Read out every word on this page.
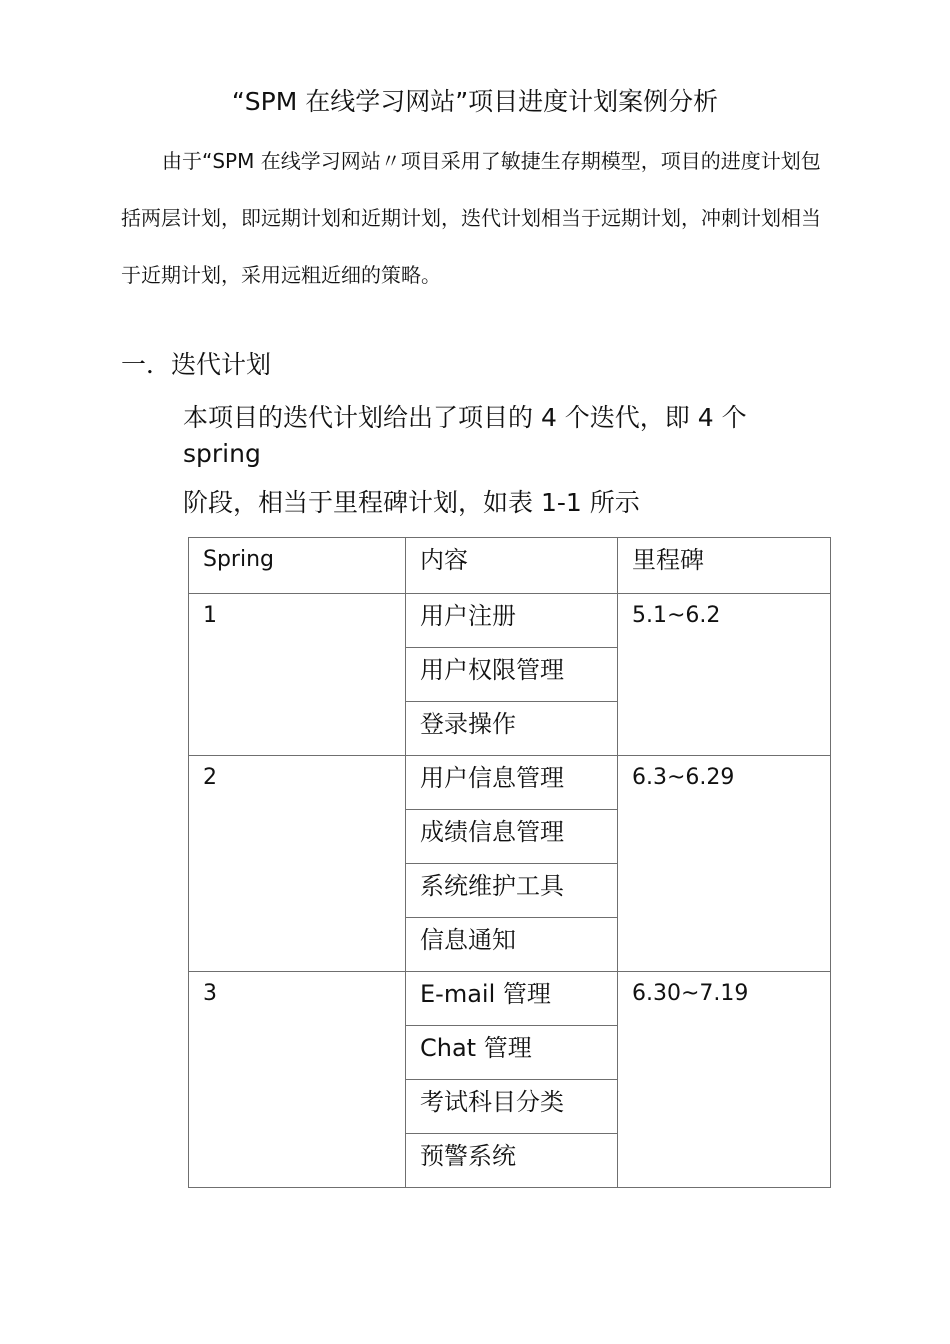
“SPM 在线学习网站”项目进度计划案例分析

由于“SPM 在线学习网站〃项目采用了敏捷生存期模型，项目的进度计划包括两层计划，即远期计划和近期计划，迭代计划相当于远期计划，冲刺计划相当于近期计划，采用远粗近细的策略。

一．迭代计划

本项目的迭代计划给出了项目的 4 个迭代，即 4 个 spring

阶段，相当于里程碑计划，如表 1-1 所示

Spring	内容	里程碑
1	用户注册	5.1~6.2
	用户权限管理	
	登录操作	
2	用户信息管理	6.3~6.29
	成绩信息管理	
	系统维护工具	
	信息通知	
3	E-mail 管理	6.30~7.19
	Chat 管理	
	考试科目分类	
	预警系统	
